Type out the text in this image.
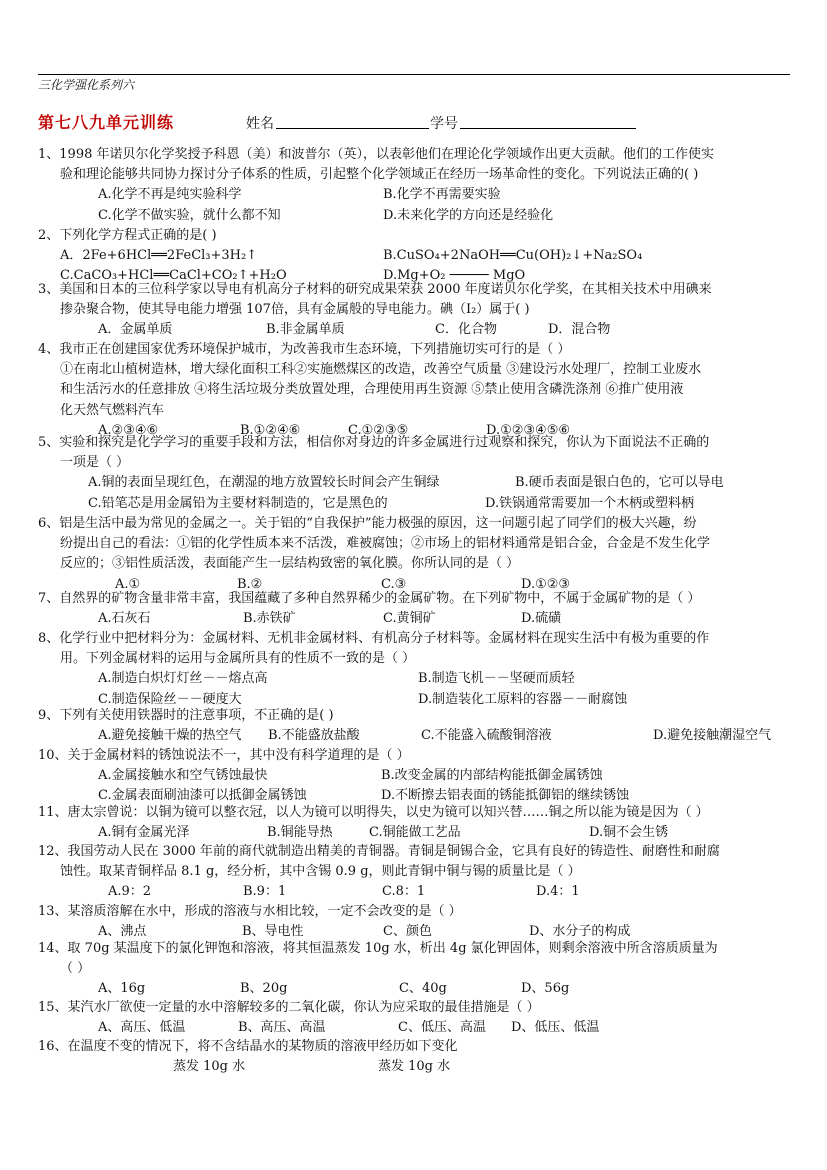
三化学强化系列六
第七八九单元训练	姓名	学号
1、1998 年诺贝尔化学奖授予科恩（美）和波普尔（英），以表彰他们在理论化学领域作出更大贡献。他们的工作使实
验和理论能够共同协力探讨分子体系的性质，引起整个化学领域正在经历一场革命性的变化。下列说法正确的( )
A.化学不再是纯实验科学	B.化学不再需要实验
C.化学不做实验，就什么都不知	D.未来化学的方向还是经验化
2、下列化学方程式正确的是( )
A．2Fe+6HCl══2FeCl₃+3H₂↑	B.CuSO₄+2NaOH══Cu(OH)₂↓+Na₂SO₄
C.CaCO₃+HCl══CaCl+CO₂↑+H₂O	D.Mg+O₂ ───── MgO
3、美国和日本的三位科学家以导电有机高分子材料的研究成果荣获 2000 年度诺贝尔化学奖，在其相关技术中用碘来
掺杂聚合物，使其导电能力增强 107倍，具有金属般的导电能力。碘（I₂）属于( )
A．金属单质	B.非金属单质	C．化合物	D．混合物
4、我市正在创建国家优秀环境保护城市，为改善我市生态环境，下列措施切实可行的是（ ）
①在南北山植树造林，增大绿化面积工科②实施燃煤区的改造，改善空气质量 ③建设污水处理厂，控制工业废水
和生活污水的任意排放 ④将生活垃圾分类放置处理，合理使用再生资源 ⑤禁止使用含磷洗涤剂 ⑥推广使用液
化天然气燃料汽车
A.②③④⑥	B.①②④⑥	C.①②③⑤	D.①②③④⑤⑥
5、实验和探究是化学学习的重要手段和方法，相信你对身边的许多金属进行过观察和探究，你认为下面说法不正确的
一项是（ ）
A.铜的表面呈现红色，在潮湿的地方放置较长时间会产生铜绿	B.硬币表面是银白色的，它可以导电
C.铅笔芯是用金属铅为主要材料制造的，它是黑色的	D.铁锅通常需要加一个木柄或塑料柄
6、铝是生活中最为常见的金属之一。关于铝的“自我保护”能力极强的原因，这一问题引起了同学们的极大兴趣，纷
纷提出自己的看法：①铝的化学性质本来不活泼，难被腐蚀；②市场上的铝材料通常是铝合金，合金是不发生化学
反应的；③铝性质活泼，表面能产生一层结构致密的氧化膜。你所认同的是（ ）
A.①	B.②	C.③	D.①②③
7、自然界的矿物含量非常丰富，我国蕴藏了多种自然界稀少的金属矿物。在下列矿物中，不属于金属矿物的是（ ）
A.石灰石	B.赤铁矿	C.黄铜矿	D.硫磺
8、化学行业中把材料分为：金属材料、无机非金属材料、有机高分子材料等。金属材料在现实生活中有极为重要的作
用。下列金属材料的运用与金属所具有的性质不一致的是（ ）
A.制造白炽灯灯丝－－熔点高	B.制造飞机－－坚硬而质轻
C.制造保险丝－－硬度大	D.制造装化工原料的容器－－耐腐蚀
9、下列有关使用铁器时的注意事项，不正确的是( )
A.避免接触干燥的热空气 B.不能盛放盐酸	C.不能盛入硫酸铜溶液	D.避免接触潮湿空气
10、关于金属材料的锈蚀说法不一，其中没有科学道理的是（ ）
A.金属接触水和空气锈蚀最快	B.改变金属的内部结构能抵御金属锈蚀
C.金属表面刷油漆可以抵御金属锈蚀	D.不断擦去铝表面的锈能抵御铝的继续锈蚀
11、唐太宗曾说：以铜为镜可以整衣冠，以人为镜可以明得失，以史为镜可以知兴替……铜之所以能为镜是因为（ ）
A.铜有金属光泽	B.铜能导热	C.铜能做工艺品	D.铜不会生锈
12、我国劳动人民在 3000 年前的商代就制造出精美的青铜器。青铜是铜锡合金，它具有良好的铸造性、耐磨性和耐腐
蚀性。取某青铜样品 8.1 g，经分析，其中含锡 0.9 g，则此青铜中铜与锡的质量比是（ ）
A.9：2	B.9：1	C.8：1	D.4：1
13、某溶质溶解在水中，形成的溶液与水相比较，一定不会改变的是（ ）
A、沸点	B、导电性	C、颜色	D、水分子的构成
14、取 70g 某温度下的氯化钾饱和溶液，将其恒温蒸发 10g 水，析出 4g 氯化钾固体，则剩余溶液中所含溶质质量为
（ ）
A、16g	B、20g	C、40g	D、56g
15、某汽水厂欲使一定量的水中溶解较多的二氧化碳，你认为应采取的最佳措施是（ ）
A、高压、低温	B、高压、高温	C、低压、高温 D、低压、低温
16、在温度不变的情况下，将不含结晶水的某物质的溶液甲经历如下变化
蒸发 10g 水	蒸发 10g 水
